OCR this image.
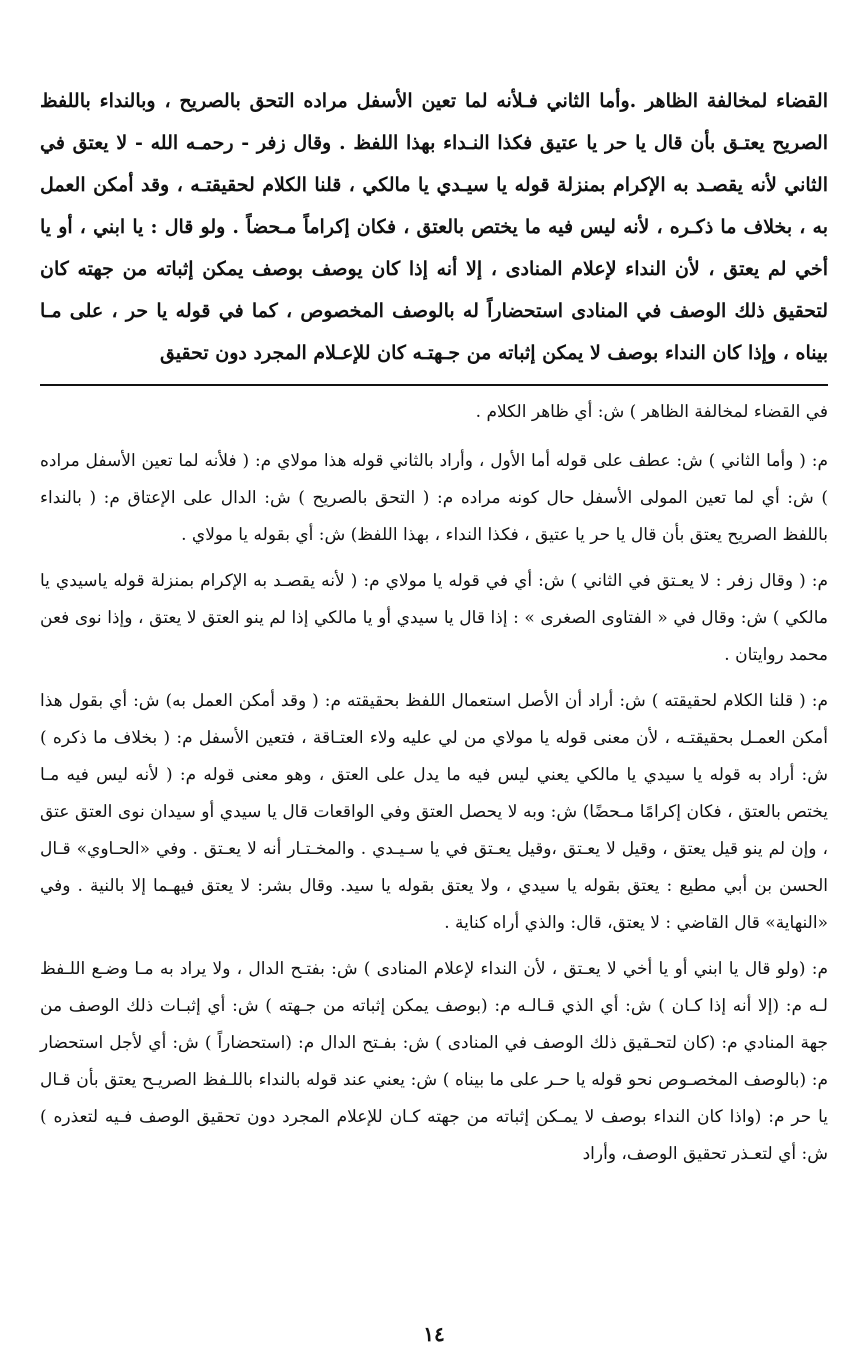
القضاء لمخالفة الظاهر .وأما الثاني فـلأنه لما تعين الأسفل مراده التحق بالصريح ، وبالنداء باللفظ الصريح يعتـق بأن قال يا حر يا عتيق فكذا النـداء بهذا اللفظ . وقال زفر - رحمـه الله - لا يعتق في الثاني لأنه يقصـد به الإكرام بمنزلة قوله يا سيـدي يا مالكي ، قلنا الكلام لحقيقتـه ، وقد أمكن العمل به ، بخلاف ما ذكـره ، لأنه ليس فيه ما يختص بالعتق ، فكان إكراماً مـحضاً . ولو قال : يا ابني ، أو يا أخي لم يعتق ، لأن النداء لإعلام المنادى ، إلا أنه إذا كان يوصف بوصف يمكن إثباته من جهته كان لتحقيق ذلك الوصف في المنادى استحضاراً له بالوصف المخصوص ، كما في قوله يا حر ، على مـا بيناه ، وإذا كان النداء بوصف لا يمكن إثباته من جـهتـه كان للإعـلام المجرد دون تحقيق

في القضاء لمخالفة الظاهر ) ش: أي ظاهر الكلام .

م: ( وأما الثاني ) ش: عطف على قوله أما الأول ، وأراد بالثاني قوله هذا مولاي م: ( فلأنه لما تعين الأسفل مراده ) ش: أي لما تعين المولى الأسفل حال كونه مراده م: ( التحق بالصريح ) ش: الدال على الإعتاق م: ( بالنداء باللفظ الصريح يعتق بأن قال يا حر يا عتيق ، فكذا النداء ، بهذا اللفظ) ش: أي بقوله يا مولاي .

م: ( وقال زفر : لا يعـتق في الثاني ) ش: أي في قوله يا مولاي م: ( لأنه يقصـد به الإكرام بمنزلة قوله ياسيدي يا مالكي ) ش: وقال في « الفتاوى الصغرى » : إذا قال يا سيدي أو يا مالكي إذا لم ينو العتق لا يعتق ، وإذا نوى فعن محمد روايتان .

م: ( قلنا الكلام لحقيقته ) ش: أراد أن الأصل استعمال اللفظ بحقيقته م: ( وقد أمكن العمل به) ش: أي بقول هذا أمكن العمـل بحقيقتـه ، لأن معنى قوله يا مولاي من لي عليه ولاء العتـاقة ، فتعين الأسفل م: ( بخلاف ما ذكره ) ش: أراد به قوله يا سيدي يا مالكي يعني ليس فيه ما يدل على العتق ، وهو معنى قوله م: ( لأنه ليس فيه مـا يختص بالعتق ، فكان إكرامًا مـحضًا) ش: وبه لا يحصل العتق وفي الواقعات قال يا سيدي أو سيدان نوى العتق عتق ، وإن لم ينو قيل يعتق ، وقيل لا يعـتق ،وقيل يعـتق في يا سـيـدي . والمخـتـار أنه لا يعـتق . وفي «الحـاوي» قـال الحسن بن أبي مطيع : يعتق بقوله يا سيدي ، ولا يعتق بقوله يا سيد. وقال بشر: لا يعتق فيهـما إلا بالنية . وفي «النهاية» قال القاضي : لا يعتق، قال: والذي أراه كناية .

م: (ولو قال يا ابني أو يا أخي لا يعـتق ، لأن النداء لإعلام المنادى ) ش: بفتـح الدال ، ولا يراد به مـا وضـع اللـفظ لـه م: (إلا أنه إذا كـان ) ش: أي الذي قـالـه م: (بوصف يمكن إثباته من جـهته ) ش: أي إثبـات ذلك الوصف من جهة المنادي م: (كان لتحـقيق ذلك الوصف في المنادى ) ش: بفـتح الدال م: (استحضاراً ) ش: أي لأجل استحضار م: (بالوصف المخصـوص نحو قوله يا حـر على ما بيناه ) ش: يعني عند قوله بالنداء باللـفظ الصريـح يعتق بأن قـال يا حر م: (واذا كان النداء بوصف لا يمـكن إثباته من جهته كـان للإعلام المجرد دون تحقيق الوصف فـيه لتعذره ) ش: أي لتعـذر تحقيق الوصف، وأراد

١٤
